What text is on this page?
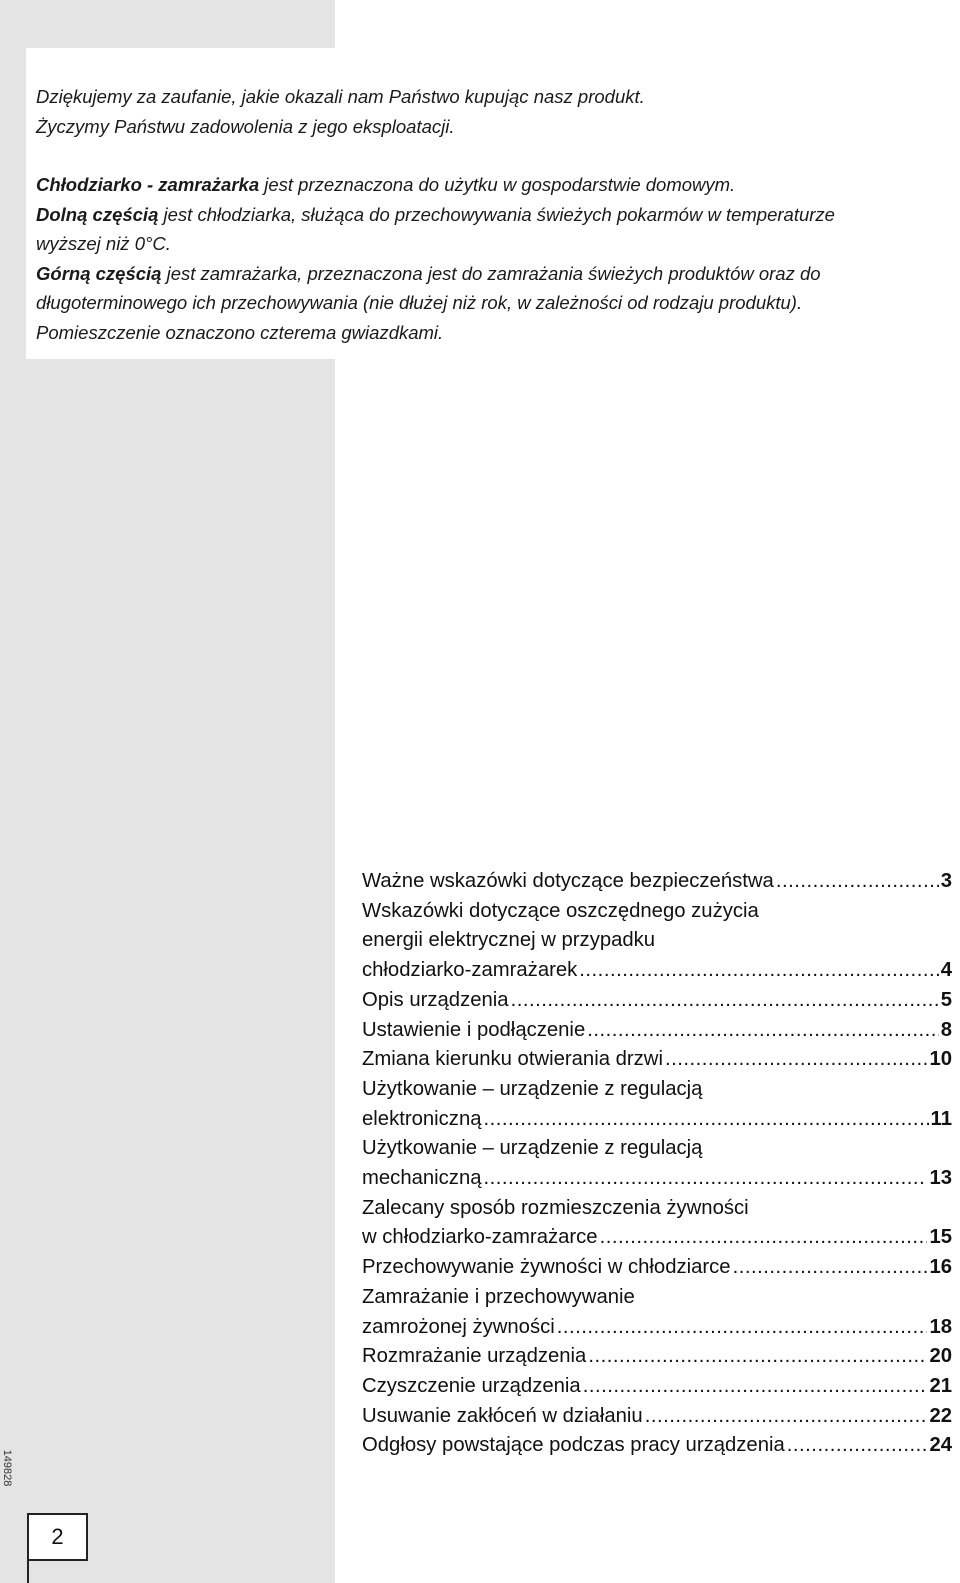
Dziękujemy za zaufanie, jakie okazali nam Państwo kupując nasz produkt.

Życzymy Państwu zadowolenia z jego eksploatacji.

Chłodziarko - zamrażarka jest przeznaczona do użytku w gospodarstwie domowym.

Dolną częścią jest chłodziarka, służąca do przechowywania świeżych pokarmów w temperaturze

wyższej niż 0°C.

Górną częścią jest zamrażarka, przeznaczona jest do zamrażania świeżych produktów oraz do

długoterminowego ich przechowywania (nie dłużej niż rok, w zależności od rodzaju produktu).

Pomieszczenie oznaczono czterema gwiazdkami.

Ważne wskazówki dotyczące bezpieczeństwa .....	3
Wskazówki dotyczące oszczędnego zużycia
energii elektrycznej w przypadku
chłodziarko-zamrażarek .....	4
Opis urządzenia .....	5
Ustawienie i podłączenie .....	8
Zmiana kierunku otwierania drzwi .....	10
Użytkowanie – urządzenie z regulacją
elektroniczną .....	11
Użytkowanie – urządzenie z regulacją
mechaniczną .....	13
Zalecany sposób rozmieszczenia żywności
w chłodziarko-zamrażarce .....	15
Przechowywanie żywności w chłodziarce .....	16
Zamrażanie i przechowywanie
zamrożonej żywności .....	18
Rozmrażanie urządzenia .....	20
Czyszczenie urządzenia .....	21
Usuwanie zakłóceń w działaniu .....	22
Odgłosy powstające podczas pracy urządzenia .....	24
149828
2
